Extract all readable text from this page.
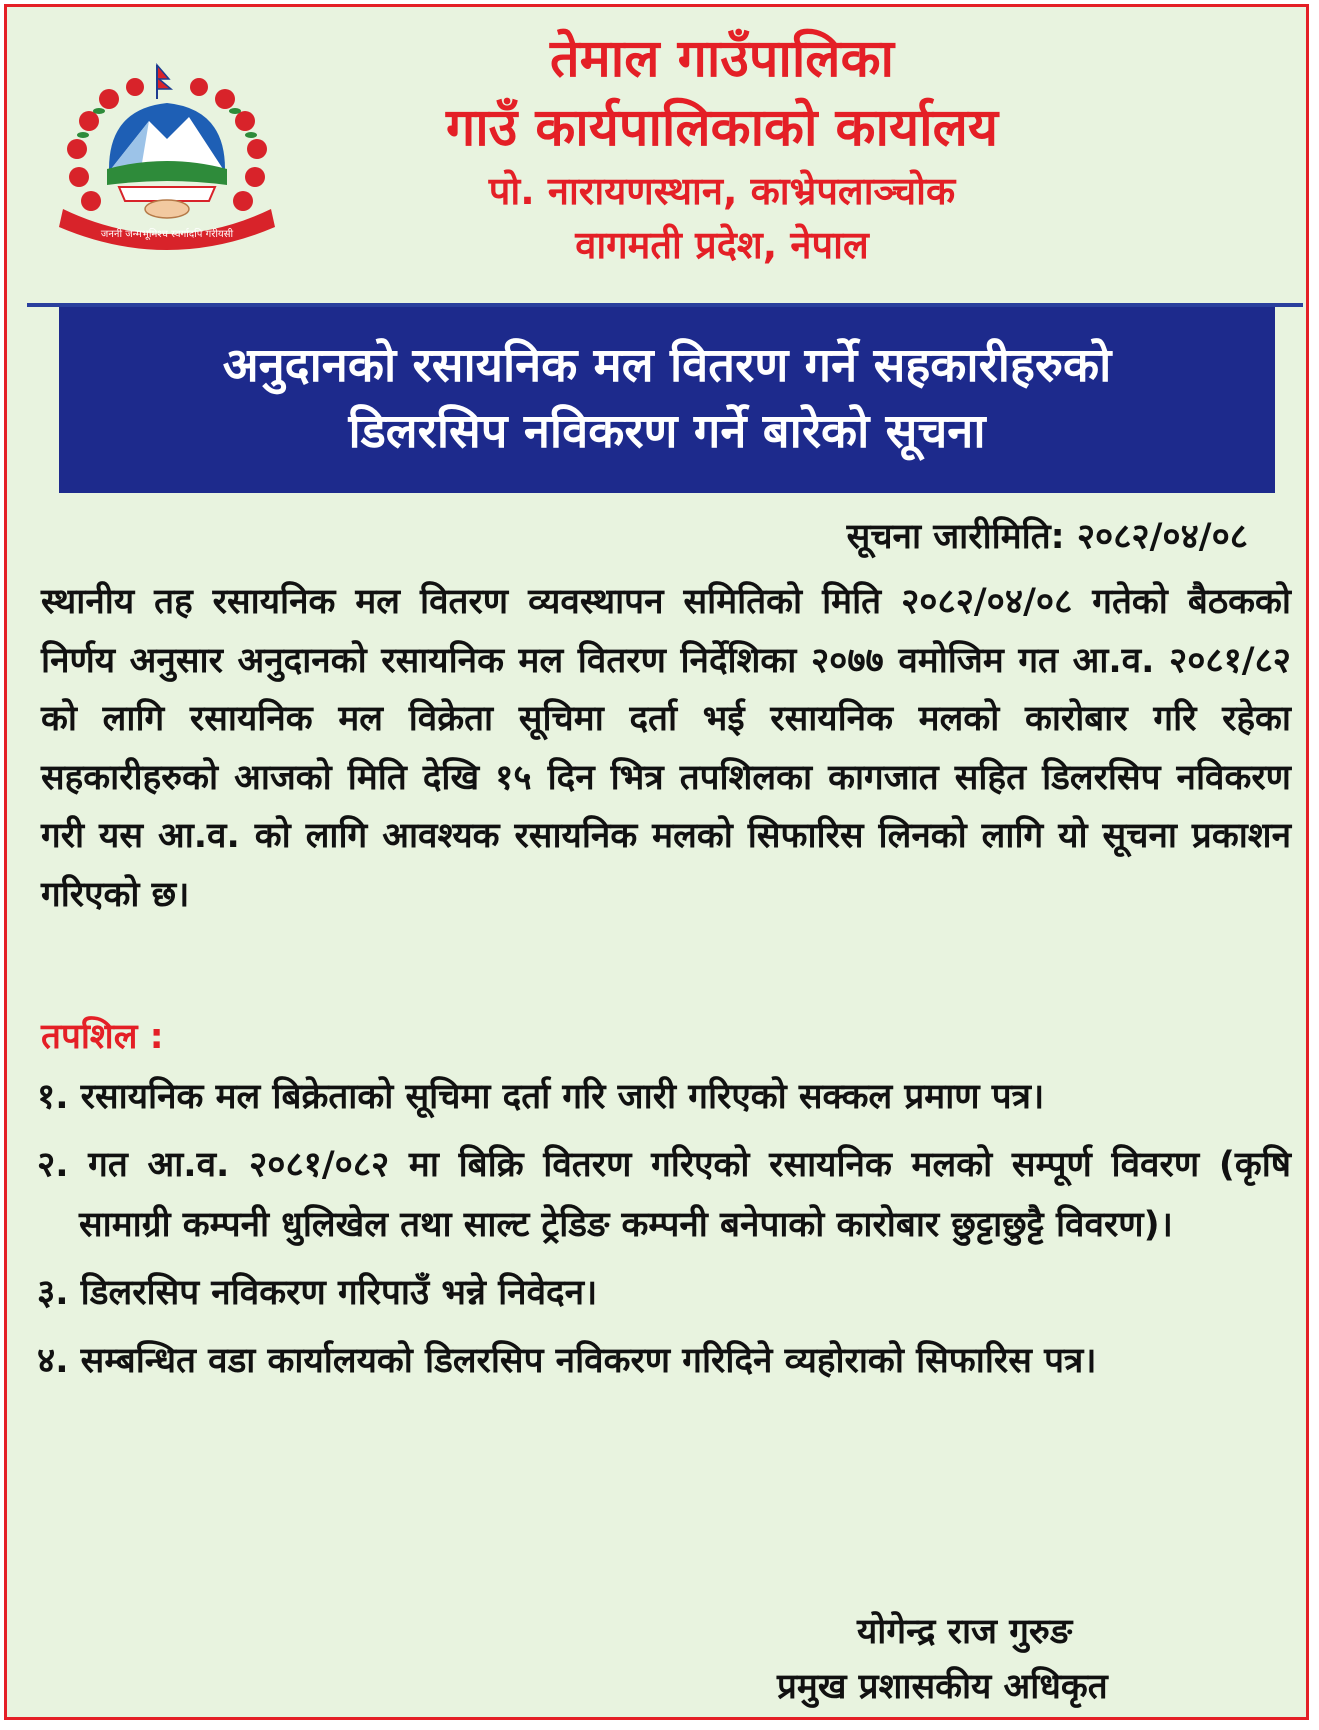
जननी जन्मभूमिश्च स्वर्गादपि गरीयसी
तेमाल गाउँपालिका
गाउँ कार्यपालिकाको कार्यालय
पो. नारायणस्थान, काभ्रेपलाञ्चोक
वागमती प्रदेश, नेपाल
अनुदानको रसायनिक मल वितरण गर्ने सहकारीहरुको
डिलरसिप नविकरण गर्ने बारेको सूचना
सूचना जारीमिति: २०८२/०४/०८
स्थानीय तह रसायनिक मल वितरण व्यवस्थापन समितिको मिति २०८२/०४/०८ गतेको बैठकको निर्णय अनुसार अनुदानको रसायनिक मल वितरण निर्देशिका २०७७ वमोजिम गत आ.व. २०८१/८२ को लागि रसायनिक मल विक्रेता सूचिमा दर्ता भई रसायनिक मलको कारोबार गरि रहेका सहकारीहरुको आजको मिति देखि १५ दिन भित्र तपशिलका कागजात सहित डिलरसिप नविकरण गरी यस आ.व. को लागि आवश्यक रसायनिक मलको सिफारिस लिनको लागि यो सूचना प्रकाशन गरिएको छ।
तपशिल :
१. रसायनिक मल बिक्रेताको सूचिमा दर्ता गरि जारी गरिएको सक्कल प्रमाण पत्र।
२. गत आ.व. २०८१/०८२ मा बिक्रि वितरण गरिएको रसायनिक मलको सम्पूर्ण विवरण (कृषि सामाग्री कम्पनी धुलिखेल तथा साल्ट ट्रेडिङ कम्पनी बनेपाको कारोबार छुट्टाछुट्टै विवरण)।
३. डिलरसिप नविकरण गरिपाउँ भन्ने निवेदन।
४. सम्बन्धित वडा कार्यालयको डिलरसिप नविकरण गरिदिने व्यहोराको सिफारिस पत्र।
योगेन्द्र राज गुरुङ
प्रमुख प्रशासकीय अधिकृत
